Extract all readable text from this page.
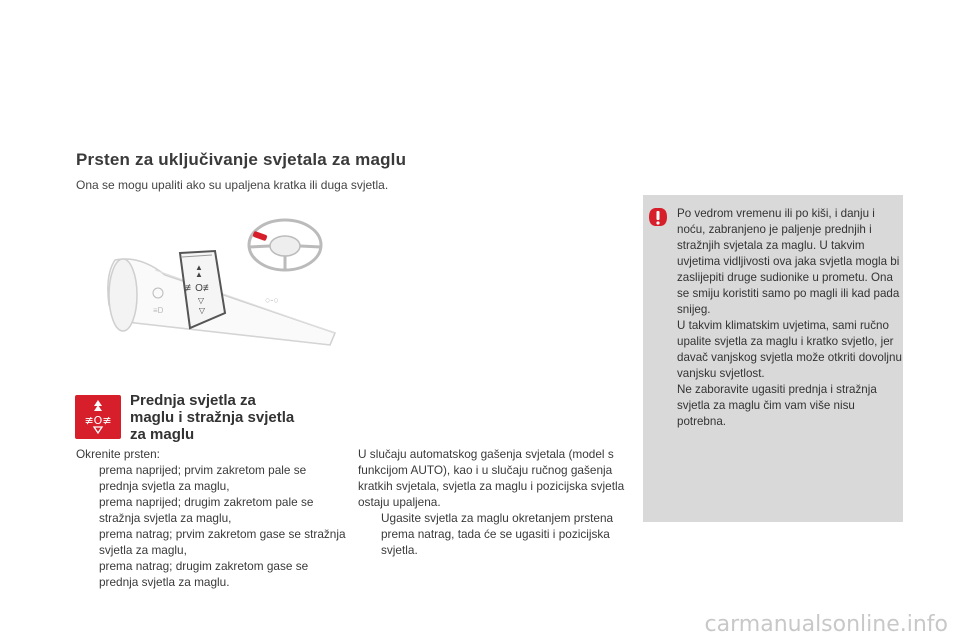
Prsten za uključivanje svjetala za maglu
Ona se mogu upaliti ako su upaljena kratka ili duga svjetla.
▲
▲
≢O≢
▽
▽
≡D
○-○
≢O≢
Prednja svjetla za
maglu i stražnja svjetla
za maglu
Okrenite prsten:
prema naprijed; prvim zakretom pale se prednja svjetla za maglu,
prema naprijed; drugim zakretom pale se stražnja svjetla za maglu,
prema natrag; prvim zakretom gase se stražnja svjetla za maglu,
prema natrag; drugim zakretom gase se prednja svjetla za maglu.
U slučaju automatskog gašenja svjetala (model s funkcijom AUTO), kao i u slučaju ručnog gašenja kratkih svjetala, svjetla za maglu i pozicijska svjetla ostaju upaljena.
Ugasite svjetla za maglu okretanjem prstena prema natrag, tada će se ugasiti i pozicijska svjetla.
Po vedrom vremenu ili po kiši, i danju i noću, zabranjeno je paljenje prednjih i stražnjih svjetala za maglu. U takvim uvjetima vidljivosti ova jaka svjetla mogla bi zaslijepiti druge sudionike u prometu. Ona se smiju koristiti samo po magli ili kad pada snijeg.
U takvim klimatskim uvjetima, sami ručno upalite svjetla za maglu i kratko svjetlo, jer davač vanjskog svjetla može otkriti dovoljnu vanjsku svjetlost.
Ne zaboravite ugasiti prednja i stražnja svjetla za maglu čim vam više nisu potrebna.
carmanualsonline.info
